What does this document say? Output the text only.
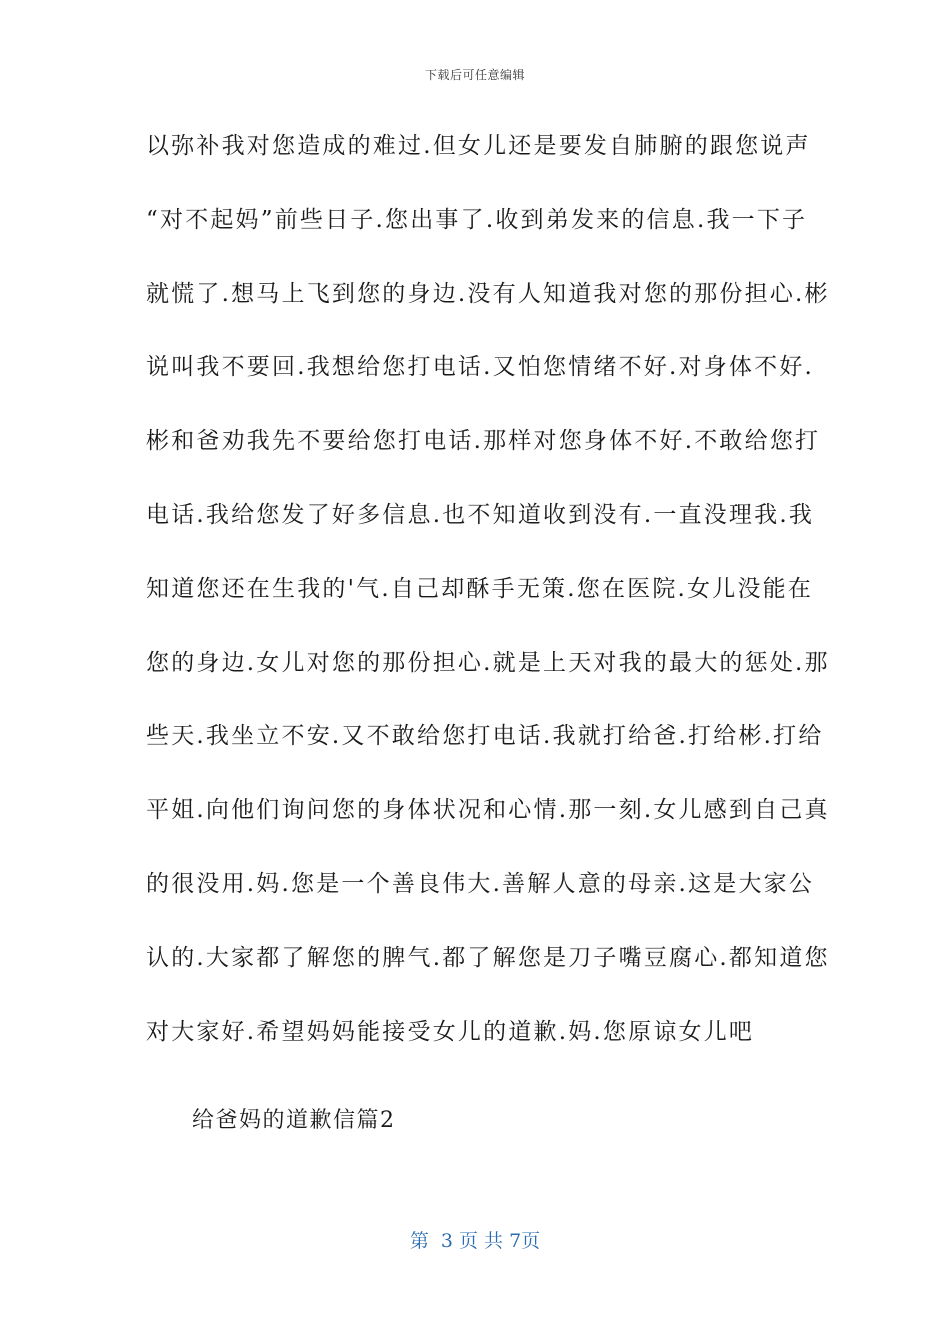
下载后可任意编辑
以弥补我对您造成的难过.但女儿还是要发自肺腑的跟您说声
“对不起妈”前些日子.您出事了.收到弟发来的信息.我一下子
就慌了.想马上飞到您的身边.没有人知道我对您的那份担心.彬
说叫我不要回.我想给您打电话.又怕您情绪不好.对身体不好.
彬和爸劝我先不要给您打电话.那样对您身体不好.不敢给您打
电话.我给您发了好多信息.也不知道收到没有.一直没理我.我
知道您还在生我的'气.自己却酥手无策.您在医院.女儿没能在
您的身边.女儿对您的那份担心.就是上天对我的最大的惩处.那
些天.我坐立不安.又不敢给您打电话.我就打给爸.打给彬.打给
平姐.向他们询问您的身体状况和心情.那一刻.女儿感到自己真
的很没用.妈.您是一个善良伟大.善解人意的母亲.这是大家公
认的.大家都了解您的脾气.都了解您是刀子嘴豆腐心.都知道您
对大家好.希望妈妈能接受女儿的道歉.妈.您原谅女儿吧
给爸妈的道歉信篇2
第  3 页 共 7页
